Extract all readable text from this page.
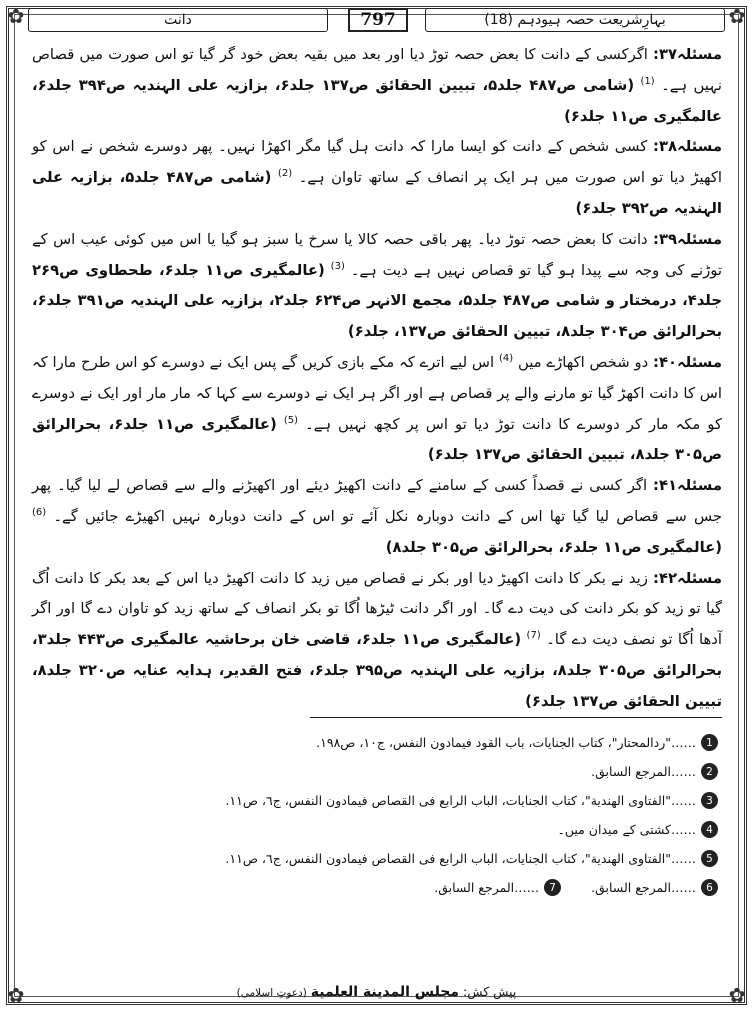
✿	✿
✿	✿
دانت	797	بہارِشریعت حصہ ہیودہم (18)

مسئلہ۳۷: اگرکسی کے دانت کا بعض حصہ توڑ دیا اور بعد میں بقیہ بعض خود گر گیا تو اس صورت میں قصاص نہیں ہے۔ $^{(1)}$ (شامی ص۴۸۷ جلد۵، تبیین الحقائق ص۱۳۷ جلد۶، بزازیہ علی الہندیہ ص۳۹۴ جلد۶، عالمگیری ص۱۱ جلد۶)

مسئلہ۳۸: کسی شخص کے دانت کو ایسا مارا کہ دانت ہل گیا مگر اکھڑا نہیں۔ پھر دوسرے شخص نے اس کو اکھیڑ دیا تو اس صورت میں ہر ایک پر انصاف کے ساتھ تاوان ہے۔ $^{(2)}$ (شامی ص۴۸۷ جلد۵، بزازیہ علی الہندیہ ص۳۹۲ جلد۶)

مسئلہ۳۹: دانت کا بعض حصہ توڑ دیا۔ پھر باقی حصہ کالا یا سرخ یا سبز ہو گیا یا اس میں کوئی عیب اس کے توڑنے کی وجہ سے پیدا ہو گیا تو قصاص نہیں ہے دیت ہے۔ $^{(3)}$ (عالمگیری ص۱۱ جلد۶، طحطاوی ص۲۶۹ جلد۴، درمختار و شامی ص۴۸۷ جلد۵، مجمع الانہر ص۶۲۴ جلد۲، بزازیہ علی الہندیہ ص۳۹۱ جلد۶، بحرالرائق ص۳۰۴ جلد۸، تبیین الحقائق ص۱۳۷، جلد۶)

مسئلہ۴۰: دو شخص اکھاڑے میں $^{(4)}$ اس لیے اترے کہ مکے بازی کریں گے پس ایک نے دوسرے کو اس طرح مارا کہ اس کا دانت اکھڑ گیا تو مارنے والے پر قصاص ہے اور اگر ہر ایک نے دوسرے سے کہا کہ مار مار اور ایک نے دوسرے کو مکہ مار کر دوسرے کا دانت توڑ دیا تو اس پر کچھ نہیں ہے۔ $^{(5)}$ (عالمگیری ص۱۱ جلد۶، بحرالرائق ص۳۰۵ جلد۸، تبیین الحقائق ص۱۳۷ جلد۶)

مسئلہ۴۱: اگر کسی نے قصداً کسی کے سامنے کے دانت اکھیڑ دیئے اور اکھیڑنے والے سے قصاص لے لیا گیا۔ پھر جس سے قصاص لیا گیا تھا اس کے دانت دوبارہ نکل آئے تو اس کے دانت دوبارہ نہیں اکھیڑے جائیں گے۔ $^{(6)}$ (عالمگیری ص۱۱ جلد۶، بحرالرائق ص۳۰۵ جلد۸)

مسئلہ۴۲: زید نے بکر کا دانت اکھیڑ دیا اور بکر نے قصاص میں زید کا دانت اکھیڑ دیا اس کے بعد بکر کا دانت اُگ گیا تو زید کو بکر دانت کی دیت دے گا۔ اور اگر دانت ٹیڑھا اُگا تو بکر انصاف کے ساتھ زید کو تاوان دے گا اور اگر آدھا اُگا تو نصف دیت دے گا۔ $^{(7)}$ (عالمگیری ص۱۱ جلد۶، قاضی خان برحاشیہ عالمگیری ص۴۴۳ جلد۳، بحرالرائق ص۳۰۵ جلد۸، بزازیہ علی الہندیہ ص۳۹۵ جلد۶، فتح القدیر، ہدایہ عنایہ ص۳۲۰ جلد۸، تبیین الحقائق ص۱۳۷ جلد۶)

1
……"ردالمحتار"، کتاب الجنایات، باب القود فیمادون النفس، ج۱۰، ص۱۹۸.
2
……المرجع السابق.
3
……"الفتاوی الهندیة"، کتاب الجنایات، الباب الرابع فی القصاص فیمادون النفس، ج٦، ص۱۱.
4
……کشتی کے میدان میں۔
5
……"الفتاوی الهندیة"، کتاب الجنایات، الباب الرابع فی القصاص فیمادون النفس، ج٦، ص۱۱.
6
……المرجع السابق.
7
……المرجع السابق.
پیش کش: مجلس المدینة العلمیة (دعوتِ اسلامی)
